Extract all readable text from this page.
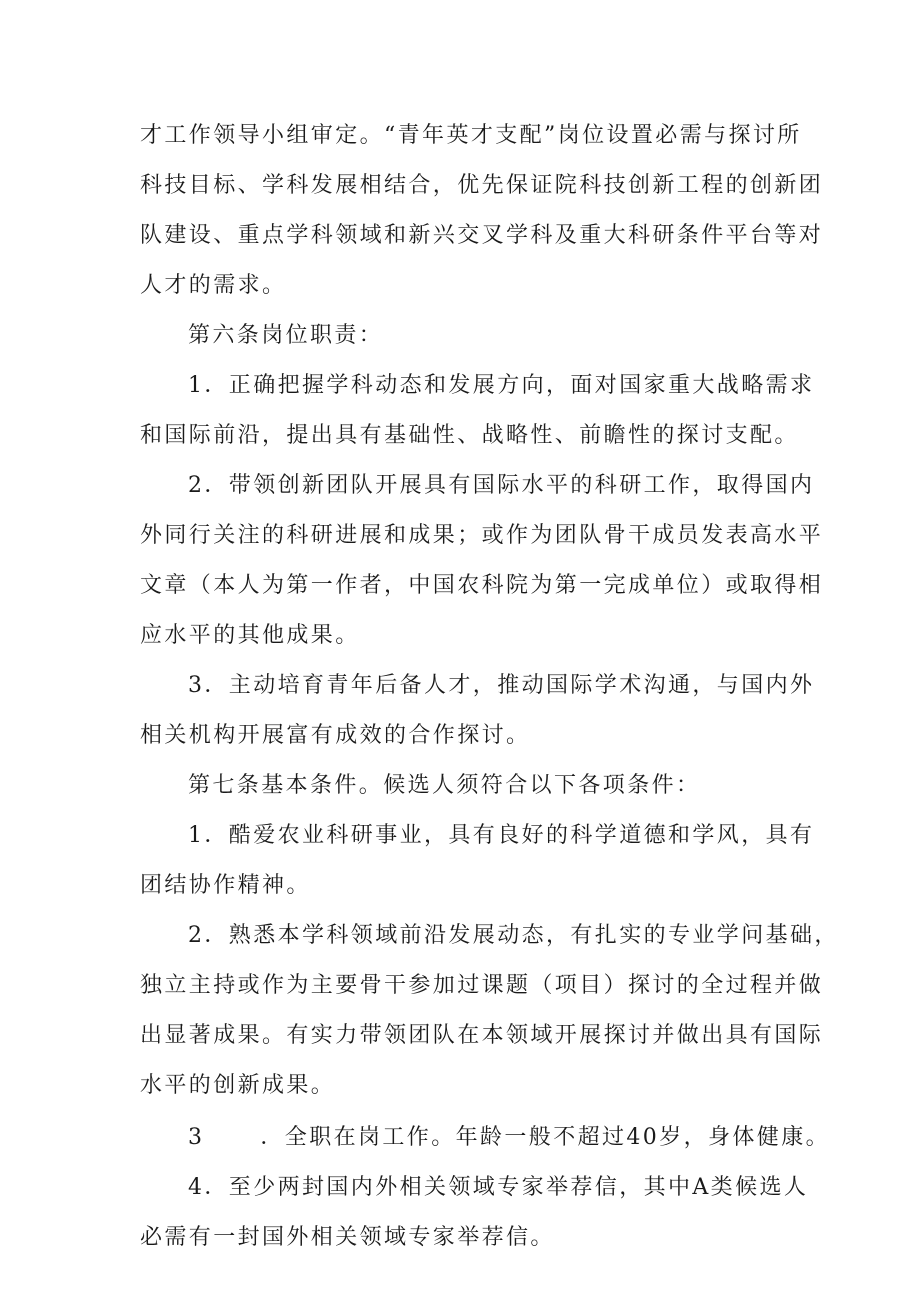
才工作领导小组审定。“青年英才支配”岗位设置必需与探讨所
科技目标、学科发展相结合，优先保证院科技创新工程的创新团
队建设、重点学科领域和新兴交叉学科及重大科研条件平台等对
人才的需求。
第六条岗位职责：
1．正确把握学科动态和发展方向，面对国家重大战略需求
和国际前沿，提出具有基础性、战略性、前瞻性的探讨支配。
2．带领创新团队开展具有国际水平的科研工作，取得国内
外同行关注的科研进展和成果；或作为团队骨干成员发表高水平
文章（本人为第一作者，中国农科院为第一完成单位）或取得相
应水平的其他成果。
3．主动培育青年后备人才，推动国际学术沟通，与国内外
相关机构开展富有成效的合作探讨。
第七条基本条件。候选人须符合以下各项条件：
1．酷爱农业科研事业，具有良好的科学道德和学风，具有
团结协作精神。
2．熟悉本学科领域前沿发展动态，有扎实的专业学问基础，
独立主持或作为主要骨干参加过课题（项目）探讨的全过程并做
出显著成果。有实力带领团队在本领域开展探讨并做出具有国际
水平的创新成果。
3	．全职在岗工作。年龄一般不超过40岁，身体健康。
4．至少两封国内外相关领域专家举荐信，其中A类候选人
必需有一封国外相关领域专家举荐信。
